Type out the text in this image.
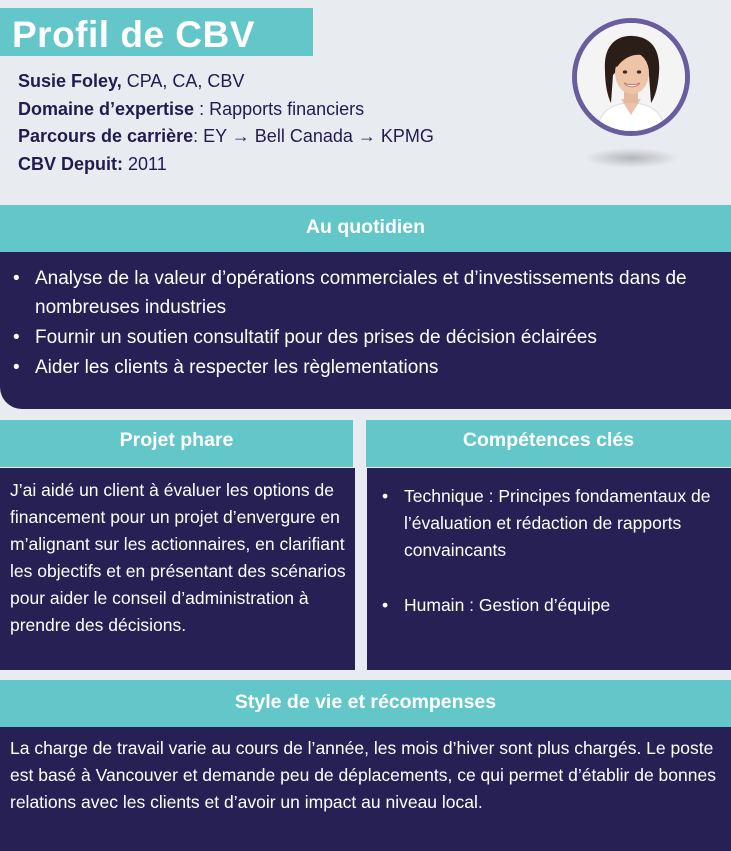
Profil de CBV
Susie Foley, CPA, CA, CBV
Domaine d’expertise : Rapports financiers
Parcours de carrière: EY → Bell Canada → KPMG
CBV Depuit: 2011
Au quotidien
• Analyse de la valeur d’opérations commerciales et d’investissements dans de nombreuses industries
• Fournir un soutien consultatif pour des prises de décision éclairées
• Aider les clients à respecter les règlementations
Projet phare	Compétences clés
J’ai aidé un client à évaluer les options de financement pour un projet d’envergure en m’alignant sur les actionnaires, en clarifiant les objectifs et en présentant des scénarios pour aider le conseil d’administration à prendre des décisions.
• Technique : Principes fondamentaux de l’évaluation et rédaction de rapports convaincants
• Humain : Gestion d’équipe
Style de vie et récompenses
La charge de travail varie au cours de l’année, les mois d’hiver sont plus chargés. Le poste est basé à Vancouver et demande peu de déplacements, ce qui permet d’établir de bonnes relations avec les clients et d’avoir un impact au niveau local.
